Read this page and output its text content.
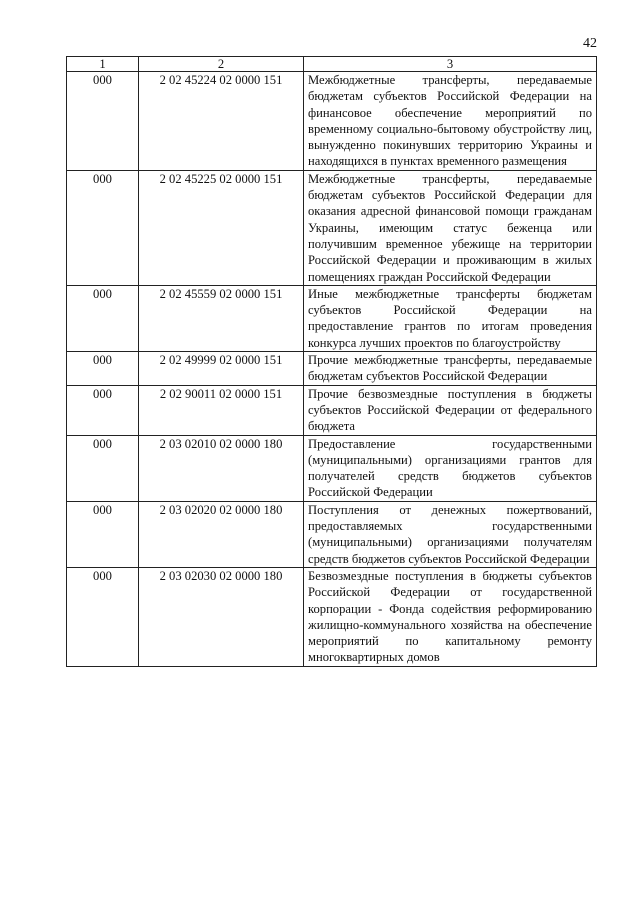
42
1	2	3
000	2 02 45224 02 0000 151	Межбюджетные трансферты, передаваемые бюджетам субъектов Российской Федерации на финансовое обеспечение мероприятий по временному социально-бытовому обустройству лиц, вынужденно покинувших территорию Украины и находящихся в пунктах временного размещения
000	2 02 45225 02 0000 151	Межбюджетные трансферты, передаваемые бюджетам субъектов Российской Федерации для оказания адресной финансовой помощи гражданам Украины, имеющим статус беженца или получившим временное убежище на территории Российской Федерации и проживающим в жилых помещениях граждан Российской Федерации
000	2 02 45559 02 0000 151	Иные межбюджетные трансферты бюджетам субъектов Российской Федерации на предоставление грантов по итогам проведения конкурса лучших проектов по благоустройству
000	2 02 49999 02 0000 151	Прочие межбюджетные трансферты, передаваемые бюджетам субъектов Российской Федерации
000	2 02 90011 02 0000 151	Прочие безвозмездные поступления в бюджеты субъектов Российской Федерации от федерального бюджета
000	2 03 02010 02 0000 180	Предоставление государственными (муниципальными) организациями грантов для получателей средств бюджетов субъектов Российской Федерации
000	2 03 02020 02 0000 180	Поступления от денежных пожертвований, предоставляемых государственными (муниципальными) организациями получателям средств бюджетов субъектов Российской Федерации
000	2 03 02030 02 0000 180	Безвозмездные поступления в бюджеты субъектов Российской Федерации от государственной корпорации - Фонда содействия реформированию жилищно-коммунального хозяйства на обеспечение мероприятий по капитальному ремонту многоквартирных домов
